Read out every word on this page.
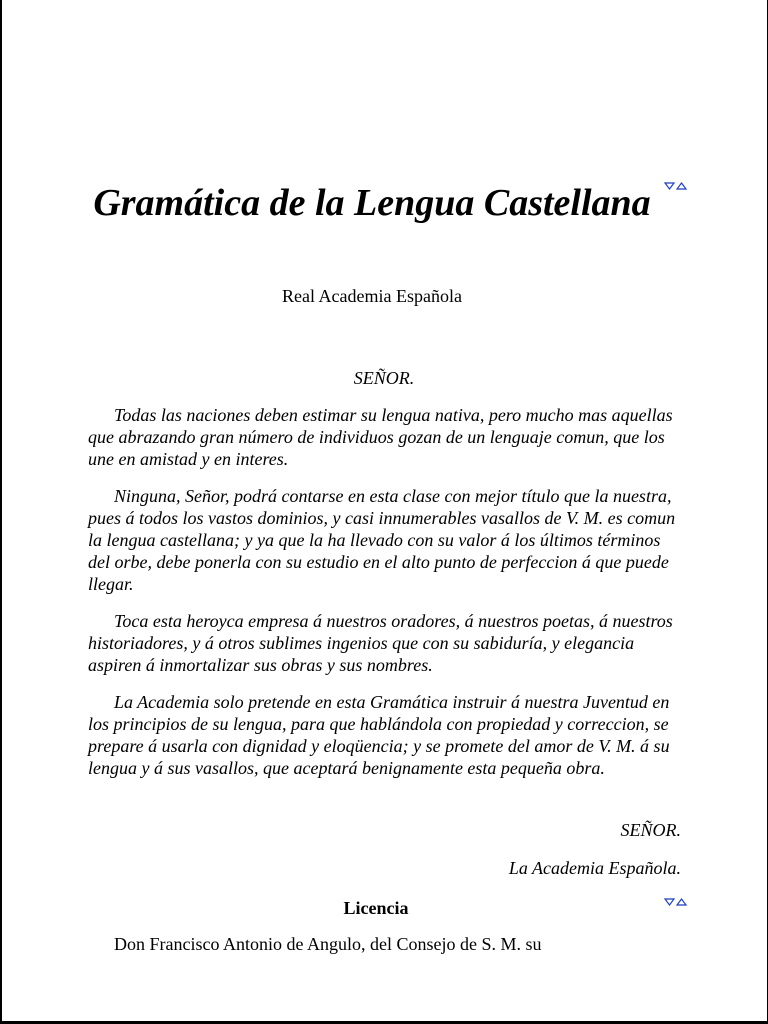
Gramática de la Lengua Castellana

Real Academia Española

SEÑOR.

Todas las naciones deben estimar su lengua nativa, pero mucho mas aquellas que abrazando gran número de individuos gozan de un lenguaje comun, que los une en amistad y en interes.

Ninguna, Señor, podrá contarse en esta clase con mejor título que la nuestra, pues á todos los vastos dominios, y casi innumerables vasallos de V. M. es comun la lengua castellana; y ya que la ha llevado con su valor á los últimos términos del orbe, debe ponerla con su estudio en el alto punto de perfeccion á que puede llegar.

Toca esta heroyca empresa á nuestros oradores, á nuestros poetas, á nuestros historiadores, y á otros sublimes ingenios que con su sabiduría, y elegancia aspiren á inmortalizar sus obras y sus nombres.

La Academia solo pretende en esta Gramática instruir á nuestra Juventud en los principios de su lengua, para que hablándola con propiedad y correccion, se prepare á usarla con dignidad y eloqüencia; y se promete del amor de V. M. á su lengua y á sus vasallos, que aceptará benignamente esta pequeña obra.

SEÑOR.

La Academia Española.

Licencia

Don Francisco Antonio de Angulo, del Consejo de S. M. su
